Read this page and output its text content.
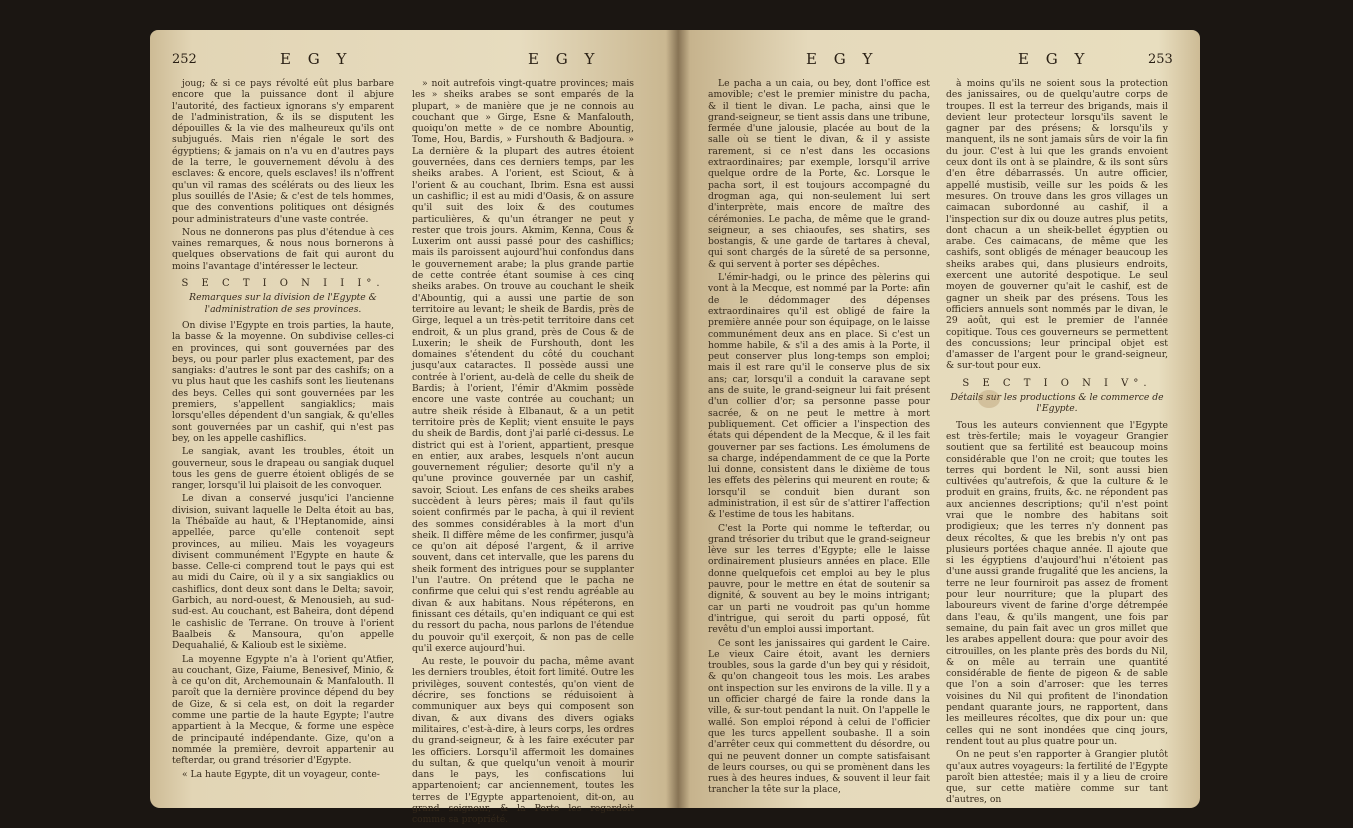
252	E G Y	E G Y

joug; & si ce pays révolté eût plus barbare encore que la puissance dont il abjure l'autorité, des factieux ignorans s'y emparent de l'administration, & ils se disputent les dépouilles & la vie des malheureux qu'ils ont subjugués. Mais rien n'égale le sort des égyptiens; & jamais on n'a vu en d'autres pays de la terre, le gouvernement dévolu à des esclaves: & encore, quels esclaves! ils n'offrent qu'un vil ramas des scélérats ou des lieux les plus souillés de l'Asie; & c'est de tels hommes, que des conventions politiques ont désignés pour administrateurs d'une vaste contrée.

Nous ne donnerons pas plus d'étendue à ces vaines remarques, & nous nous bornerons à quelques observations de fait qui auront du moins l'avantage d'intéresser le lecteur.

S E C T I O N I I I°.
Remarques sur la division de l'Egypte & l'administration de ses provinces.

On divise l'Egypte en trois parties, la haute, la basse & la moyenne. On subdivise celles-ci en provinces, qui sont gouvernées par des beys, ou pour parler plus exactement, par des sangiaks: d'autres le sont par des cashifs; on a vu plus haut que les cashifs sont les lieutenans des beys. Celles qui sont gouvernées par les premiers, s'appellent sangiaklics; mais lorsqu'elles dépendent d'un sangiak, & qu'elles sont gouvernées par un cashif, qui n'est pas bey, on les appelle cashiflics.

Le sangiak, avant les troubles, étoit un gouverneur, sous le drapeau ou sangiak duquel tous les gens de guerre étoient obligés de se ranger, lorsqu'il lui plaisoit de les convoquer.

Le divan a conservé jusqu'ici l'ancienne division, suivant laquelle le Delta étoit au bas, la Thébaïde au haut, & l'Heptanomide, ainsi appellée, parce qu'elle contenoit sept provinces, au milieu. Mais les voyageurs divisent communément l'Egypte en haute & basse. Celle-ci comprend tout le pays qui est au midi du Caire, où il y a six sangiaklics ou cashiflics, dont deux sont dans le Delta; savoir, Garbich, au nord-ouest, & Menousieh, au sud-sud-est. Au couchant, est Baheira, dont dépend le cashislic de Terrane. On trouve à l'orient Baalbeis & Mansoura, qu'on appelle Dequahalié, & Kalioub est le sixième.

La moyenne Egypte n'a à l'orient qu'Atfier, au couchant, Gize, Faiume, Benesivef, Minio, & à ce qu'on dit, Archemounain & Manfalouth. Il paroît que la dernière province dépend du bey de Gize, & si cela est, on doit la regarder comme une partie de la haute Egypte; l'autre appartient à la Mecque, & forme une espèce de principauté indépendante. Gize, qu'on a nommée la première, devroit appartenir au tefterdar, ou grand trésorier d'Egypte.

« La haute Egypte, dit un voyageur, conte-

» noit autrefois vingt-quatre provinces; mais les » sheiks arabes se sont emparés de la plupart, » de manière que je ne connois au couchant que » Girge, Esne & Manfalouth, quoiqu'on mette » de ce nombre Abountig, Tome, Hou, Bardis, » Furshouth & Badjoura. » La dernière & la plupart des autres étoient gouvernées, dans ces derniers temps, par les sheiks arabes. A l'orient, est Sciout, & à l'orient & au couchant, Ibrim. Esna est aussi un cashiflic; il est au midi d'Oasis, & on assure qu'il suit des loix & des coutumes particulières, & qu'un étranger ne peut y rester que trois jours. Akmim, Kenna, Cous & Luxerim ont aussi passé pour des cashiflics; mais ils paroissent aujourd'hui confondus dans le gouvernement arabe; la plus grande partie de cette contrée étant soumise à ces cinq sheiks arabes. On trouve au couchant le sheik d'Abountig, qui a aussi une partie de son territoire au levant; le sheik de Bardis, près de Girge, lequel a un très-petit territoire dans cet endroit, & un plus grand, près de Cous & de Luxerin; le sheik de Furshouth, dont les domaines s'étendent du côté du couchant jusqu'aux cataractes. Il possède aussi une contrée à l'orient, au-delà de celle du sheik de Bardis; à l'orient, l'émir d'Akmim possède encore une vaste contrée au couchant; un autre sheik réside à Elbanaut, & a un petit territoire près de Keplit; vient ensuite le pays du sheik de Bardis, dont j'ai parlé ci-dessus. Le district qui est à l'orient, appartient, presque en entier, aux arabes, lesquels n'ont aucun gouvernement régulier; desorte qu'il n'y a qu'une province gouvernée par un cashif, savoir, Sciout. Les enfans de ces sheiks arabes succèdent à leurs pères; mais il faut qu'ils soient confirmés par le pacha, à qui il revient des sommes considérables à la mort d'un sheik. Il diffère même de les confirmer, jusqu'à ce qu'on ait déposé l'argent, & il arrive souvent, dans cet intervalle, que les parens du sheik forment des intrigues pour se supplanter l'un l'autre. On prétend que le pacha ne confirme que celui qui s'est rendu agréable au divan & aux habitans. Nous répéterons, en finissant ces détails, qu'en indiquant ce qui est du ressort du pacha, nous parlons de l'étendue du pouvoir qu'il exerçoit, & non pas de celle qu'il exerce aujourd'hui.

Au reste, le pouvoir du pacha, même avant les derniers troubles, étoit fort limité. Outre les privilèges, souvent contestés, qu'on vient de décrire, ses fonctions se réduisoient à communiquer aux beys qui composent son divan, & aux divans des divers ogiaks militaires, c'est-à-dire, à leurs corps, les ordres du grand-seigneur, & à les faire exécuter par les officiers. Lorsqu'il affermoit les domaines du sultan, & que quelqu'un venoit à mourir dans le pays, les confiscations lui appartenoient; car anciennement, toutes les terres de l'Egypte appartenoient, dit-on, au grand seigneur, & la Porte les regardoit comme sa propriété.

E G Y	E G Y	253

Le pacha a un caia, ou bey, dont l'office est amovible; c'est le premier ministre du pacha, & il tient le divan. Le pacha, ainsi que le grand-seigneur, se tient assis dans une tribune, fermée d'une jalousie, placée au bout de la salle où se tient le divan, & il y assiste rarement, si ce n'est dans les occasions extraordinaires; par exemple, lorsqu'il arrive quelque ordre de la Porte, &c. Lorsque le pacha sort, il est toujours accompagné du drogman aga, qui non-seulement lui sert d'interprète, mais encore de maître des cérémonies. Le pacha, de même que le grand-seigneur, a ses chiaoufes, ses shatirs, ses bostangis, & une garde de tartares à cheval, qui sont chargés de la sûreté de sa personne, & qui servent à porter ses dépêches.

L'émir-hadgi, ou le prince des pèlerins qui vont à la Mecque, est nommé par la Porte: afin de le dédommager des dépenses extraordinaires qu'il est obligé de faire la première année pour son équipage, on le laisse communément deux ans en place. Si c'est un homme habile, & s'il a des amis à la Porte, il peut conserver plus long-temps son emploi; mais il est rare qu'il le conserve plus de six ans; car, lorsqu'il a conduit la caravane sept ans de suite, le grand-seigneur lui fait présent d'un collier d'or; sa personne passe pour sacrée, & on ne peut le mettre à mort publiquement. Cet officier a l'inspection des états qui dépendent de la Mecque, & il les fait gouverner par ses factions. Les émolumens de sa charge, indépendamment de ce que la Porte lui donne, consistent dans le dixième de tous les effets des pèlerins qui meurent en route; & lorsqu'il se conduit bien durant son administration, il est sûr de s'attirer l'affection & l'estime de tous les habitans.

C'est la Porte qui nomme le tefterdar, ou grand trésorier du tribut que le grand-seigneur lève sur les terres d'Egypte; elle le laisse ordinairement plusieurs années en place. Elle donne quelquefois cet emploi au bey le plus pauvre, pour le mettre en état de soutenir sa dignité, & souvent au bey le moins intrigant; car un parti ne voudroit pas qu'un homme d'intrigue, qui seroit du parti opposé, fût revêtu d'un emploi aussi important.

Ce sont les janissaires qui gardent le Caire. Le vieux Caire étoit, avant les derniers troubles, sous la garde d'un bey qui y résidoit, & qu'on changeoit tous les mois. Les arabes ont inspection sur les environs de la ville. Il y a un officier chargé de faire la ronde dans la ville, & sur-tout pendant la nuit. On l'appelle le wallé. Son emploi répond à celui de l'officier que les turcs appellent soubashe. Il a soin d'arrêter ceux qui commettent du désordre, ou qui ne peuvent donner un compte satisfaisant de leurs courses, ou qui se promènent dans les rues à des heures indues, & souvent il leur fait trancher la tête sur la place,

à moins qu'ils ne soient sous la protection des janissaires, ou de quelqu'autre corps de troupes. Il est la terreur des brigands, mais il devient leur protecteur lorsqu'ils savent le gagner par des présens; & lorsqu'ils y manquent, ils ne sont jamais sûrs de voir la fin du jour. C'est à lui que les grands envoient ceux dont ils ont à se plaindre, & ils sont sûrs d'en être débarrassés. Un autre officier, appellé mustisib, veille sur les poids & les mesures. On trouve dans les gros villages un caimacan subordonné au cashif, il a l'inspection sur dix ou douze autres plus petits, dont chacun a un sheik-bellet égyptien ou arabe. Ces caimacans, de même que les cashifs, sont obligés de ménager beaucoup les sheiks arabes qui, dans plusieurs endroits, exercent une autorité despotique. Le seul moyen de gouverner qu'ait le cashif, est de gagner un sheik par des présens. Tous les officiers annuels sont nommés par le divan, le 29 août, qui est le premier de l'année copitique. Tous ces gouverneurs se permettent des concussions; leur principal objet est d'amasser de l'argent pour le grand-seigneur, & sur-tout pour eux.

S E C T I O N I V°.
Détails sur les productions & le commerce de l'Egypte.

Tous les auteurs conviennent que l'Egypte est très-fertile; mais le voyageur Grangier soutient que sa fertilité est beaucoup moins considérable que l'on ne croit; que toutes les terres qui bordent le Nil, sont aussi bien cultivées qu'autrefois, & que la culture & le produit en grains, fruits, &c. ne répondent pas aux anciennes descriptions; qu'il n'est point vrai que le nombre des habitans soit prodigieux; que les terres n'y donnent pas deux récoltes, & que les brebis n'y ont pas plusieurs portées chaque année. Il ajoute que si les égyptiens d'aujourd'hui n'étoient pas d'une aussi grande frugalité que les anciens, la terre ne leur fourniroit pas assez de froment pour leur nourriture; que la plupart des laboureurs vivent de farine d'orge détrempée dans l'eau, & qu'ils mangent, une fois par semaine, du pain fait avec un gros millet que les arabes appellent doura: que pour avoir des citrouilles, on les plante près des bords du Nil, & on mêle au terrain une quantité considérable de fiente de pigeon & de sable que l'on a soin d'arroser: que les terres voisines du Nil qui profitent de l'inondation pendant quarante jours, ne rapportent, dans les meilleures récoltes, que dix pour un: que celles qui ne sont inondées que cinq jours, rendent tout au plus quatre pour un.

On ne peut s'en rapporter à Grangier plutôt qu'aux autres voyageurs: la fertilité de l'Egypte paroît bien attestée; mais il y a lieu de croire que, sur cette matière comme sur tant d'autres, on
